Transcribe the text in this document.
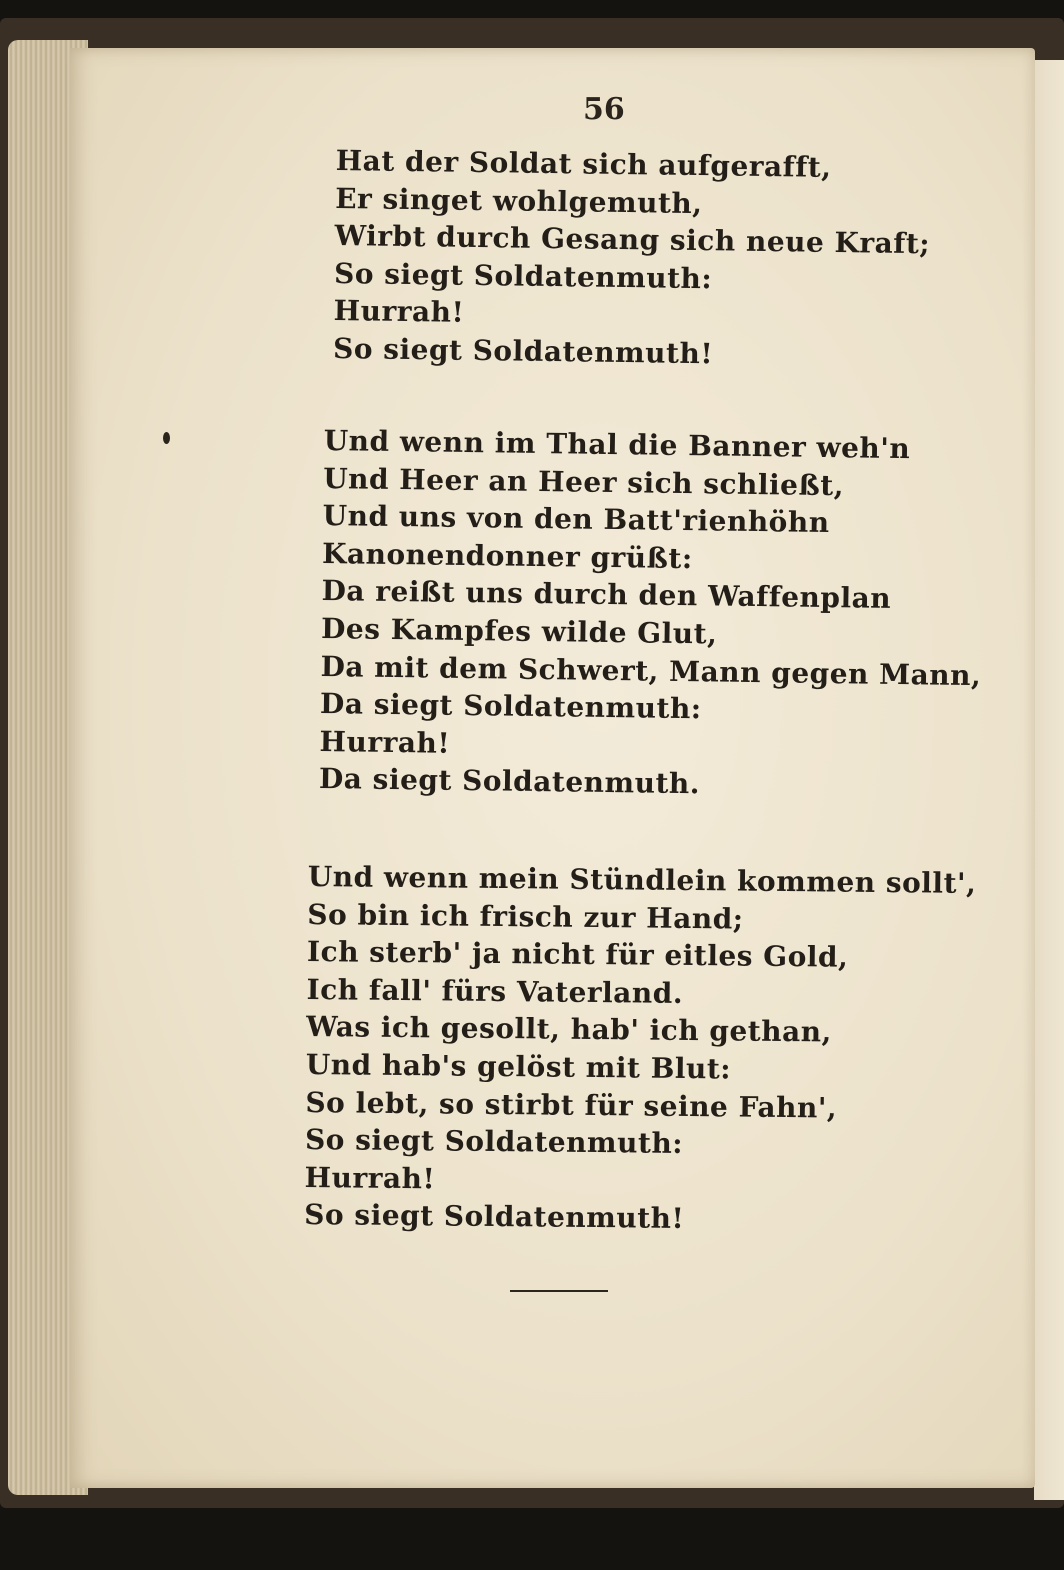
56
Hat der Soldat sich aufgerafft,
Er singet wohlgemuth,
Wirbt durch Gesang sich neue Kraft;
So siegt Soldatenmuth:
Hurrah!
So siegt Soldatenmuth!
Und wenn im Thal die Banner weh'n
Und Heer an Heer sich schließt,
Und uns von den Batt'rienhöhn
Kanonendonner grüßt:
Da reißt uns durch den Waffenplan
Des Kampfes wilde Glut,
Da mit dem Schwert, Mann gegen Mann,
Da siegt Soldatenmuth:
Hurrah!
Da siegt Soldatenmuth.
Und wenn mein Stündlein kommen sollt',
So bin ich frisch zur Hand;
Ich sterb' ja nicht für eitles Gold,
Ich fall' fürs Vaterland.
Was ich gesollt, hab' ich gethan,
Und hab's gelöst mit Blut:
So lebt, so stirbt für seine Fahn',
So siegt Soldatenmuth:
Hurrah!
So siegt Soldatenmuth!
